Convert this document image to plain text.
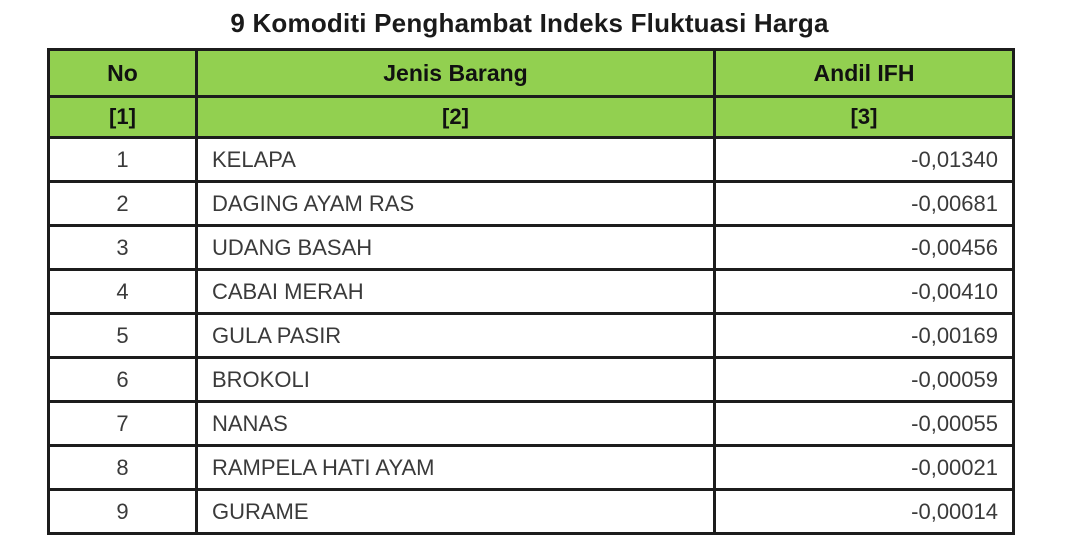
9 Komoditi Penghambat Indeks Fluktuasi Harga
No	Jenis Barang	Andil IFH
[1]	[2]	[3]
1	KELAPA	-0,01340
2	DAGING AYAM RAS	-0,00681
3	UDANG BASAH	-0,00456
4	CABAI MERAH	-0,00410
5	GULA PASIR	-0,00169
6	BROKOLI	-0,00059
7	NANAS	-0,00055
8	RAMPELA HATI AYAM	-0,00021
9	GURAME	-0,00014
